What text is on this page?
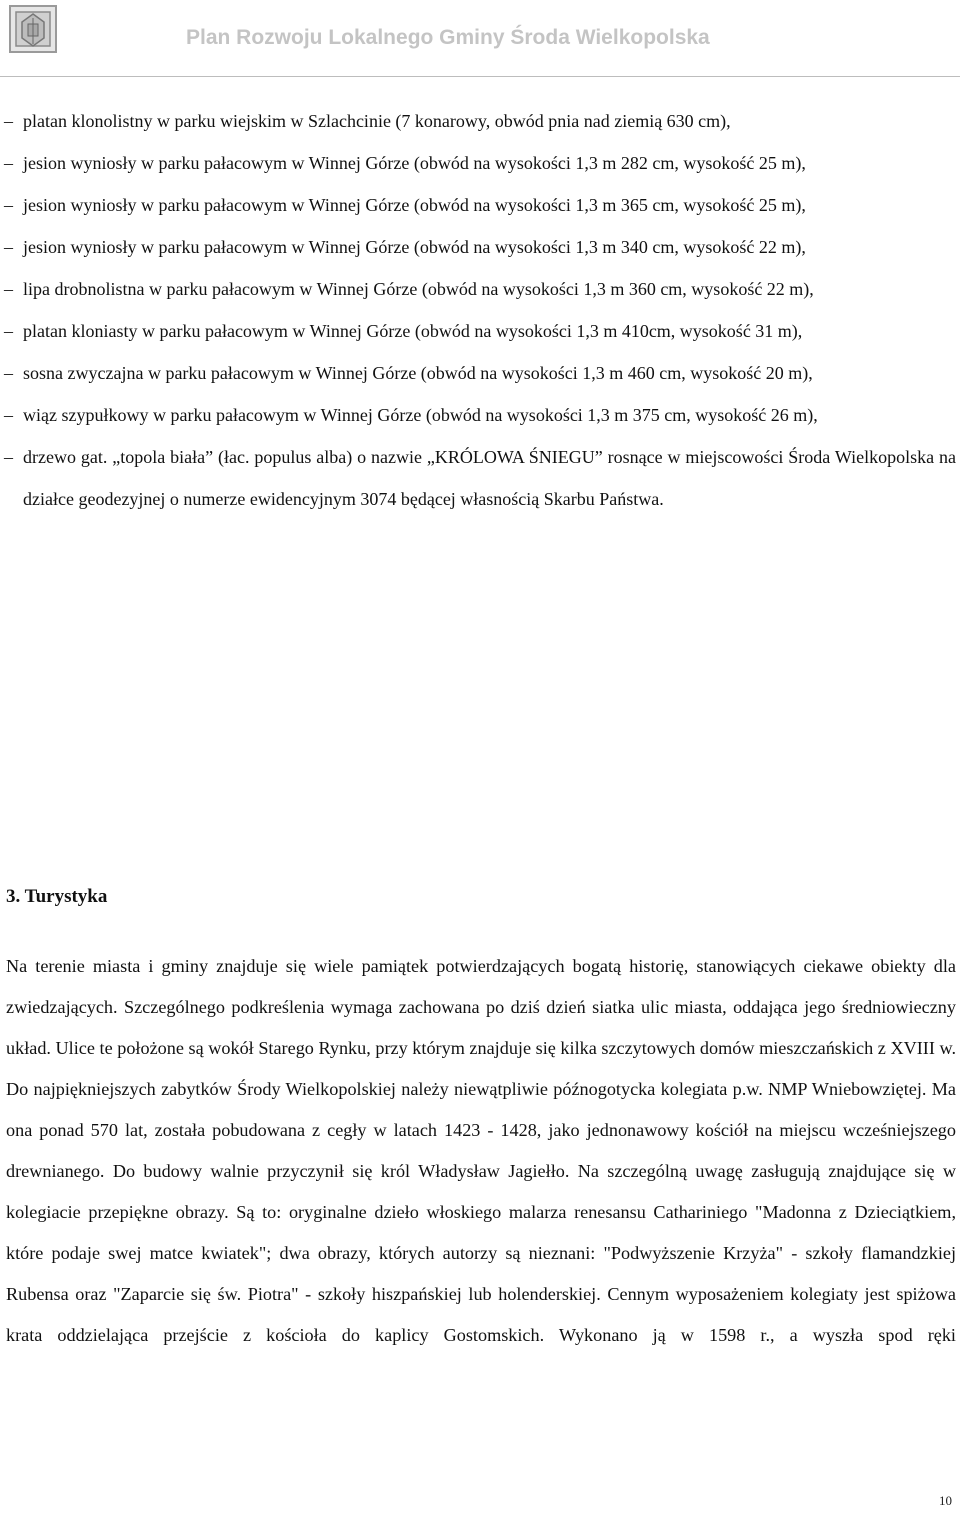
Plan Rozwoju Lokalnego Gminy Środa Wielkopolska
– platan klonolistny w parku wiejskim w Szlachcinie (7 konarowy, obwód pnia nad ziemią 630 cm),
– jesion wyniosły w parku pałacowym w Winnej Górze (obwód na wysokości 1,3 m 282 cm, wysokość 25 m),
– jesion wyniosły w parku pałacowym w Winnej Górze (obwód na wysokości 1,3 m 365 cm, wysokość 25 m),
– jesion wyniosły w parku pałacowym w Winnej Górze (obwód na wysokości 1,3 m 340 cm, wysokość 22 m),
– lipa drobnolistna w parku pałacowym w Winnej Górze (obwód na wysokości 1,3 m 360 cm, wysokość 22 m),
– platan kloniasty w parku pałacowym w Winnej Górze (obwód na wysokości 1,3 m 410cm, wysokość 31 m),
– sosna zwyczajna w parku pałacowym w Winnej Górze (obwód na wysokości 1,3 m 460 cm, wysokość 20 m),
– wiąz szypułkowy w parku pałacowym w Winnej Górze (obwód na wysokości 1,3 m 375 cm, wysokość 26 m),
– drzewo gat. „topola biała” (łac. populus alba) o nazwie „KRÓLOWA ŚNIEGU” rosnące w miejscowości Środa Wielkopolska na działce geodezyjnej o numerze ewidencyjnym 3074 będącej własnością Skarbu Państwa.
3. Turystyka

Na terenie miasta i gminy znajduje się wiele pamiątek potwierdzających bogatą historię, stanowiących ciekawe obiekty dla zwiedzających. Szczególnego podkreślenia wymaga zachowana po dziś dzień siatka ulic miasta, oddająca jego średniowieczny układ. Ulice te położone są wokół Starego Rynku, przy którym znajduje się kilka szczytowych domów mieszczańskich z XVIII w. Do najpiękniejszych zabytków Środy Wielkopolskiej należy niewątpliwie późnogotycka kolegiata p.w. NMP Wniebowziętej. Ma ona ponad 570 lat, została pobudowana z cegły w latach 1423 - 1428, jako jednonawowy kościół na miejscu wcześniejszego drewnianego. Do budowy walnie przyczynił się król Władysław Jagiełło. Na szczególną uwagę zasługują znajdujące się w kolegiacie przepiękne obrazy. Są to: oryginalne dzieło włoskiego malarza renesansu Cathariniego "Madonna z Dzieciątkiem, które podaje swej matce kwiatek"; dwa obrazy, których autorzy są nieznani: "Podwyższenie Krzyża" - szkoły flamandzkiej Rubensa oraz "Zaparcie się św. Piotra" - szkoły hiszpańskiej lub holenderskiej. Cennym wyposażeniem kolegiaty jest spiżowa krata oddzielająca przejście z kościoła do kaplicy Gostomskich. Wykonano ją w 1598 r., a wyszła spod ręki

10
